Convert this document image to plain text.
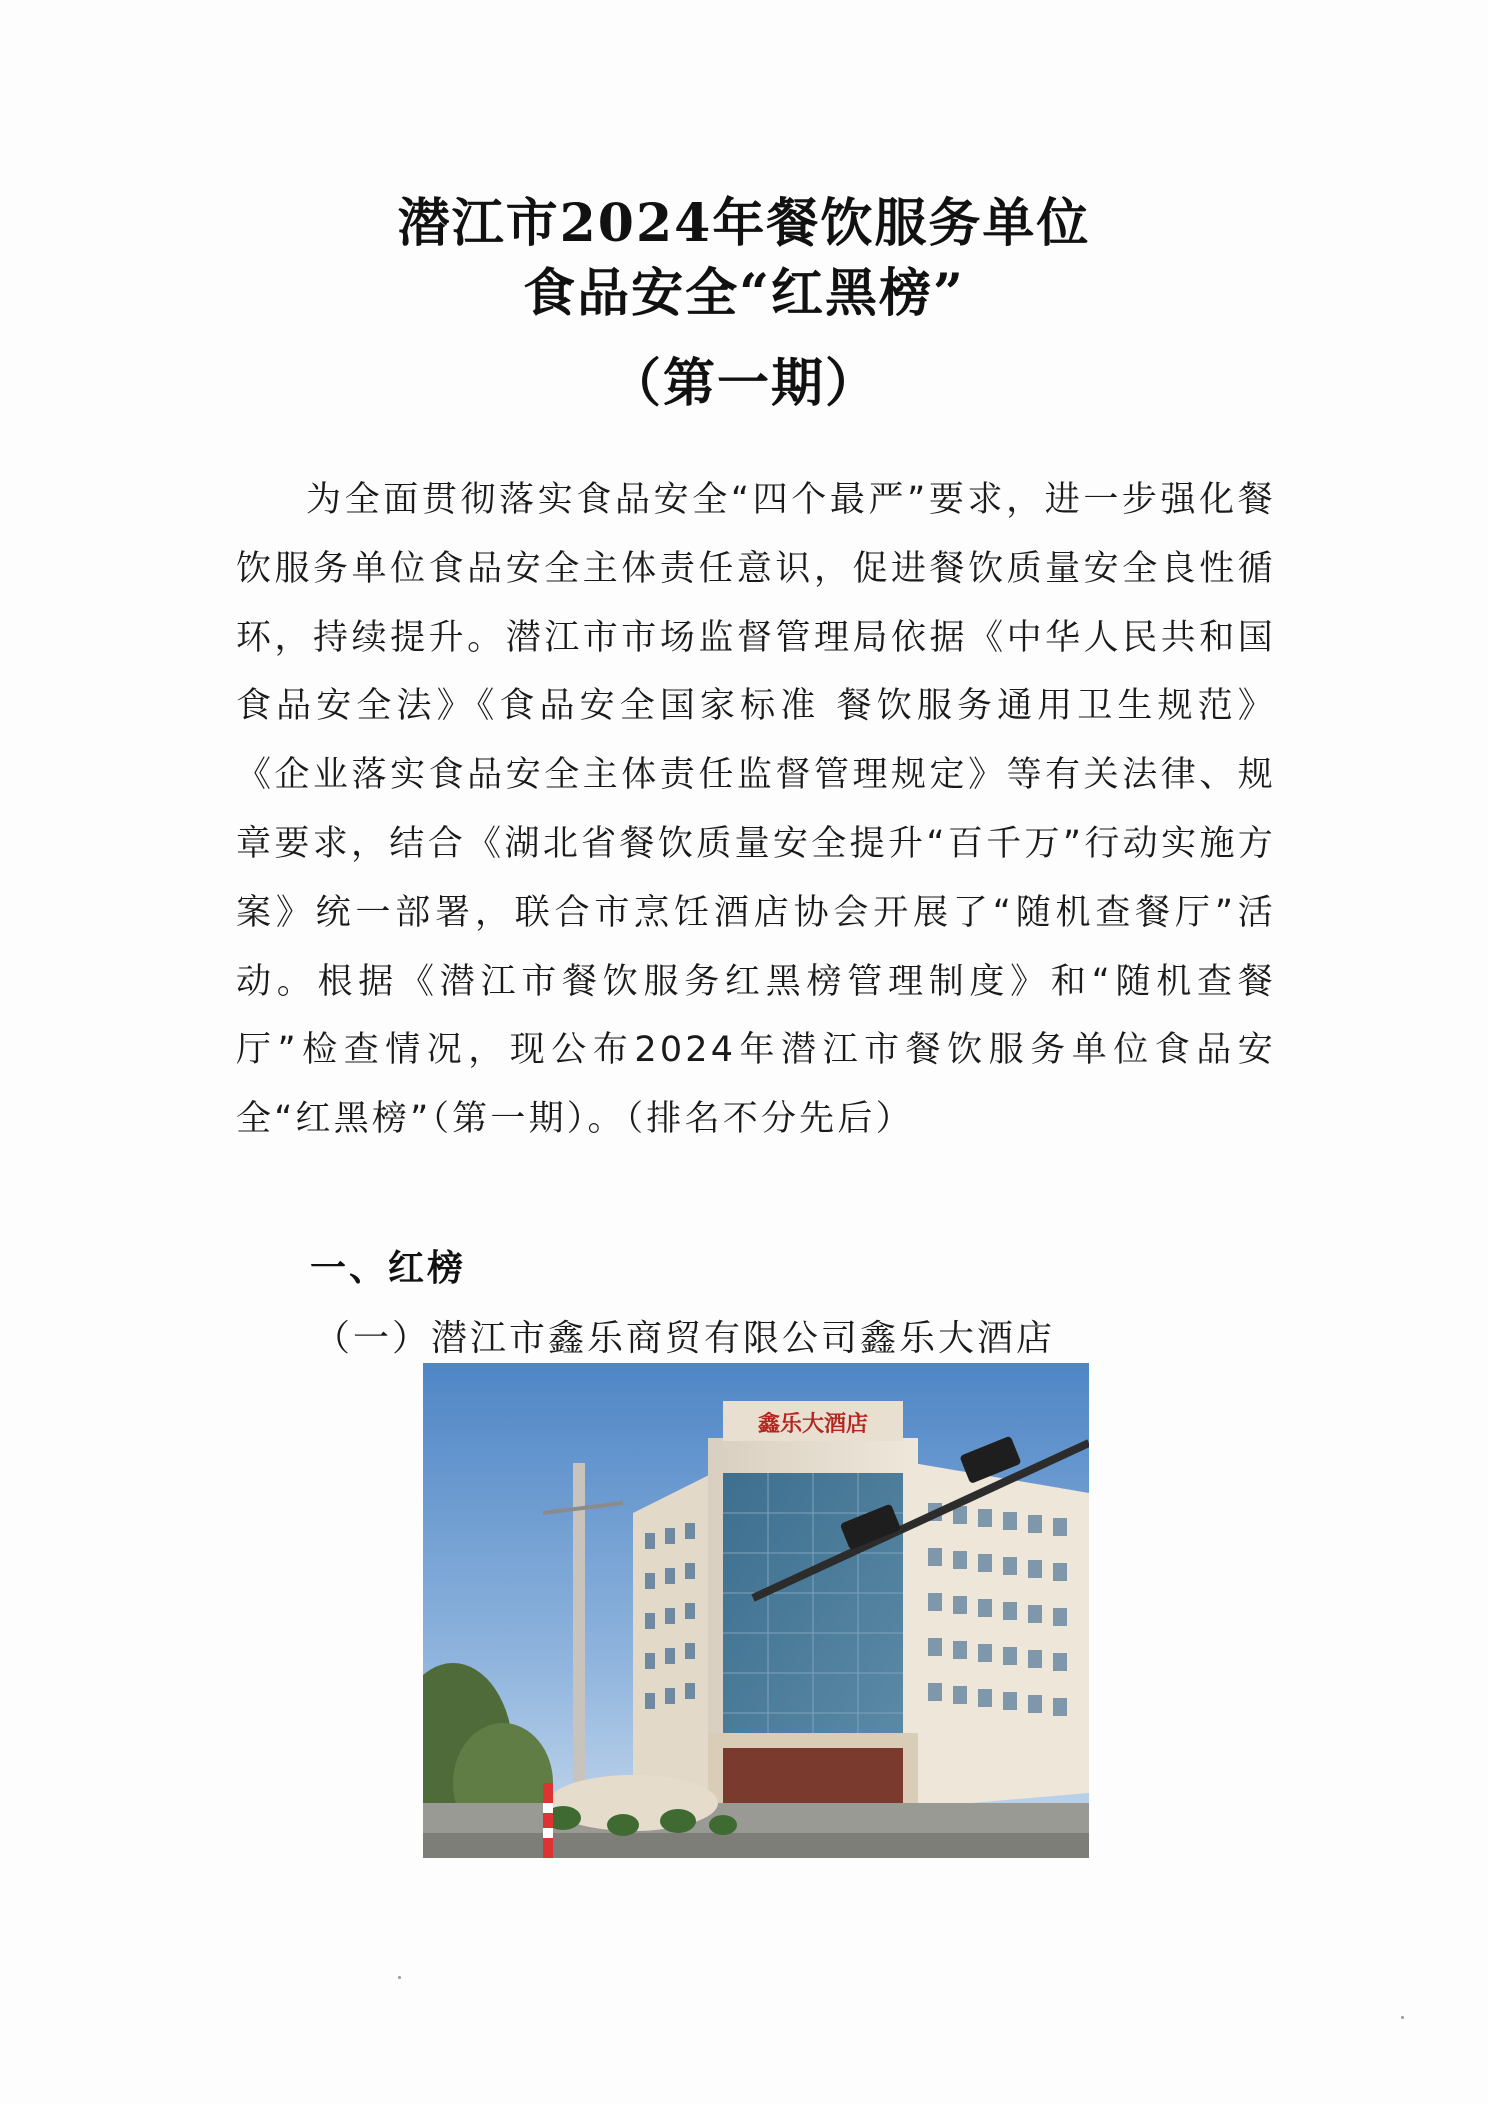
潜江市2024年餐饮服务单位
食品安全“红黑榜”
（第一期）
为全面贯彻落实食品安全“四个最严”要求，进一步强化餐饮服务单位食品安全主体责任意识，促进餐饮质量安全良性循环，持续提升。潜江市市场监督管理局依据《中华人民共和国食品安全法》《食品安全国家标准 餐饮服务通用卫生规范》《企业落实食品安全主体责任监督管理规定》等有关法律、规章要求，结合《湖北省餐饮质量安全提升“百千万”行动实施方案》统一部署，联合市烹饪酒店协会开展了“随机查餐厅”活动。根据《潜江市餐饮服务红黑榜管理制度》和“随机查餐厅”检查情况，现公布2024年潜江市餐饮服务单位食品安全“红黑榜”（第一期）。（排名不分先后）
一、红榜
（一）潜江市鑫乐商贸有限公司鑫乐大酒店
鑫乐大酒店
